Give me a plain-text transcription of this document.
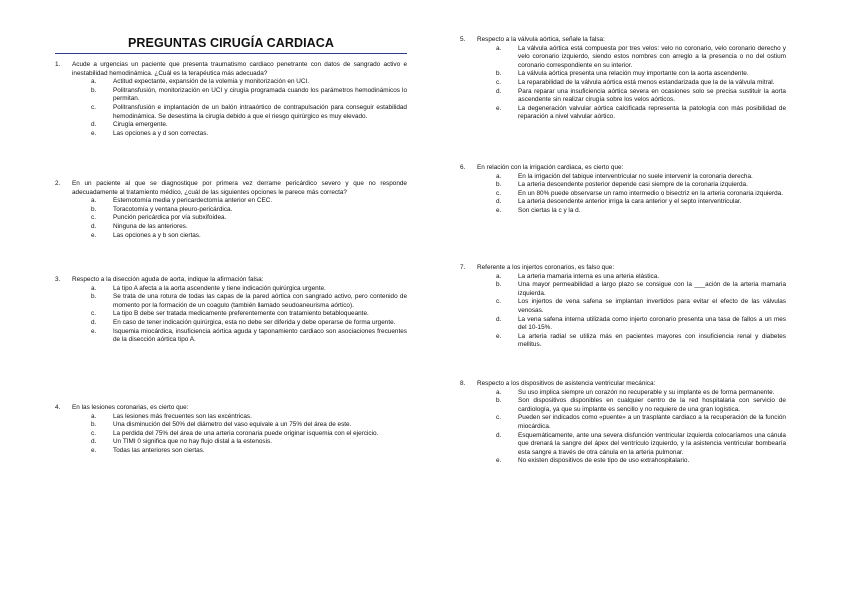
PREGUNTAS CIRUGÍA CARDIACA
1. Acude a urgencias un paciente que presenta traumatismo cardiaco penetrante con datos de sangrado activo e inestabilidad hemodinámica. ¿Cuál es la terapéutica más adecuada?
a.	Actitud expectante, expansión de la volemia y monitorización en UCI.
b.	Politransfusión, monitorización en UCI y cirugía programada cuando los parámetros hemodinámicos lo permitan.
c.	Politransfusión e implantación de un balón intraaórtico de contrapulsación para conseguir estabilidad hemodinámica. Se desestima la cirugía debido a que el riesgo quirúrgico es muy elevado.
d.	Cirugía emergente.
e.	Las opciones a y d son correctas.
2. En un paciente al que se diagnostique por primera vez derrame pericárdico severo y que no responde adecuadamente al tratamiento médico, ¿cuál de las siguientes opciones le parece más correcta?
a.	Esternotomía media y pericardectomía anterior en CEC.
b.	Toracotomía y ventana pleuro-pericárdica.
c.	Punción pericárdica por vía subxifoidea.
d.	Ninguna de las anteriores.
e.	Las opciones a y b son ciertas.
3. Respecto a la disección aguda de aorta, indique la afirmación falsa:
a.	La tipo A afecta a la aorta ascendente y tiene indicación quirúrgica urgente.
b.	Se trata de una rotura de todas las capas de la pared aórtica con sangrado activo, pero contenido de momento por la formación de un coagulo (también llamado seudoaneurisma aórtico).
c.	La tipo B debe ser tratada medicamente preferentemente con tratamiento betabloqueante.
d.	En caso de tener indicación quirúrgica, esta no debe ser diferida y debe operarse de forma urgente.
e.	Isquemia miocárdica, insuficiencia aórtica aguda y taponamiento cardiaco son asociaciones frecuentes de la disección aórtica tipo A.
4. En las lesiones coronarias, es cierto que:
a.	Las lesiones más frecuentes son las excéntricas.
b.	Una disminución del 50% del diámetro del vaso equivale a un 75% del área de este.
c.	La perdida del 75% del área de una arteria coronaria puede originar isquemia con el ejercicio.
d.	Un TIMI 0 significa que no hay flujo distal a la estenosis.
e.	Todas las anteriores son ciertas.
5. Respecto a la válvula aórtica, señale la falsa:
a.	La válvula aórtica está compuesta por tres velos: velo no coronario, velo coronario derecho y velo coronario izquierdo, siendo estos nombres con arreglo a la presencia o no del ostium coronario correspondiente en su interior.
b.	La válvula aórtica presenta una relación muy importante con la aorta ascendente.
c.	La reparabilidad de la válvula aórtica está menos estandarizada que la de la válvula mitral.
d.	Para reparar una insuficiencia aórtica severa en ocasiones solo se precisa sustituir la aorta ascendente sin realizar cirugía sobre los velos aórticos.
e.	La degeneración valvular aórtica calcificada representa la patología con más posibilidad de reparación a nivel valvular aórtico.
6. En relación con la irrigación cardiaca, es cierto que:
a.	En la irrigación del tabique interventricular no suele intervenir la coronaria derecha.
b.	La arteria descendente posterior depende casi siempre de la coronaria izquierda.
c.	En un 80% puede observarse un ramo intermedio o bisectriz en la arteria coronaria izquierda.
d.	La arteria descendente anterior irriga la cara anterior y el septo interventricular.
e.	Son ciertas la c y la d.
7. Referente a los injertos coronarios, es falso que:
a.	La arteria mamaria interna es una arteria elástica.
b.	Una mayor permeabilidad a largo plazo se consigue con la ___ación de la arteria mamaria izquierda.
c.	Los injertos de vena safena se implantan invertidos para evitar el efecto de las válvulas venosas.
d.	La vena safena interna utilizada como injerto coronario presenta una tasa de fallos a un mes del 10-15%.
e.	La arteria radial se utiliza más en pacientes mayores con insuficiencia renal y diabetes mellitus.
8. Respecto a los dispositivos de asistencia ventricular mecánica:
a.	Su uso implica siempre un corazón no recuperable y su implante es de forma permanente.
b.	Son dispositivos disponibles en cualquier centro de la red hospitalaria con servicio de cardiología, ya que su implante es sencillo y no requiere de una gran logística.
c.	Pueden ser indicados como «puente» a un trasplante cardiaco a la recuperación de la función miocárdica.
d.	Esquemáticamente, ante una severa disfunción ventricular izquierda colocaríamos una cánula que drenará la sangre del ápex del ventrículo izquierdo, y la asistencia ventricular bombearía esta sangre a través de otra cánula en la arteria pulmonar.
e.	No existen dispositivos de este tipo de uso extrahospitalario.
